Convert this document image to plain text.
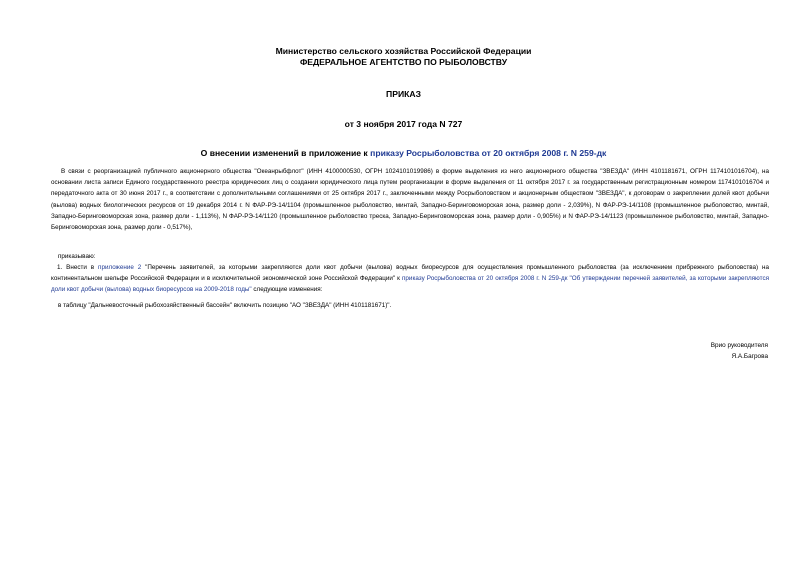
Министерство сельского хозяйства Российской Федерации
ФЕДЕРАЛЬНОЕ АГЕНТСТВО ПО РЫБОЛОВСТВУ
ПРИКАЗ
от 3 ноября 2017 года N 727
О внесении изменений в приложение к приказу Росрыболовства от 20 октября 2008 г. N 259-дк
В связи с реорганизацией публичного акционерного общества "Океанрыбфлот" (ИНН 4100000530, ОГРН 1024101019986) в форме выделения из него акционерного общества "ЗВЕЗДА" (ИНН 4101181671, ОГРН 1174101016704), на основании листа записи Единого государственного реестра юридических лиц о создании юридического лица путем реорганизации в форме выделения от 11 октября 2017 г. за государственным регистрационным номером 1174101016704 и передаточного акта от 30 июня 2017 г., в соответствии с дополнительными соглашениями от 25 октября 2017 г., заключенными между Росрыболовством и акционерным обществом "ЗВЕЗДА", к договорам о закреплении долей квот добычи (вылова) водных биологических ресурсов от 19 декабря 2014 г. N ФАР-РЭ-14/1104 (промышленное рыболовство, минтай, Западно-Беринговоморская зона, размер доли - 2,039%), N ФАР-РЭ-14/1108 (промышленное рыболовство, минтай, Западно-Беринговоморская зона, размер доли - 1,113%), N ФАР-РЭ-14/1120 (промышленное рыболовство треска, Западно-Беринговоморская зона, размер доли - 0,905%) и N ФАР-РЭ-14/1123 (промышленное рыболовство, минтай, Западно-Беринговоморская зона, размер доли - 0,517%),
приказываю:
1. Внести в приложение 2 "Перечень заявителей, за которыми закрепляются доли квот добычи (вылова) водных биоресурсов для осуществления промышленного рыболовства (за исключением прибрежного рыболовства) на континентальном шельфе Российской Федерации и в исключительной экономической зоне Российской Федерации" к приказу Росрыболовства от 20 октября 2008 г. N 259-дк "Об утверждении перечней заявителей, за которыми закрепляются доли квот добычи (вылова) водных биоресурсов на 2009-2018 годы" следующие изменения:
в таблицу "Дальневосточный рыбохозяйственный бассейн" включить позицию "АО "ЗВЕЗДА" (ИНН 4101181671)".
Врио руководителя
Я.А.Багрова
